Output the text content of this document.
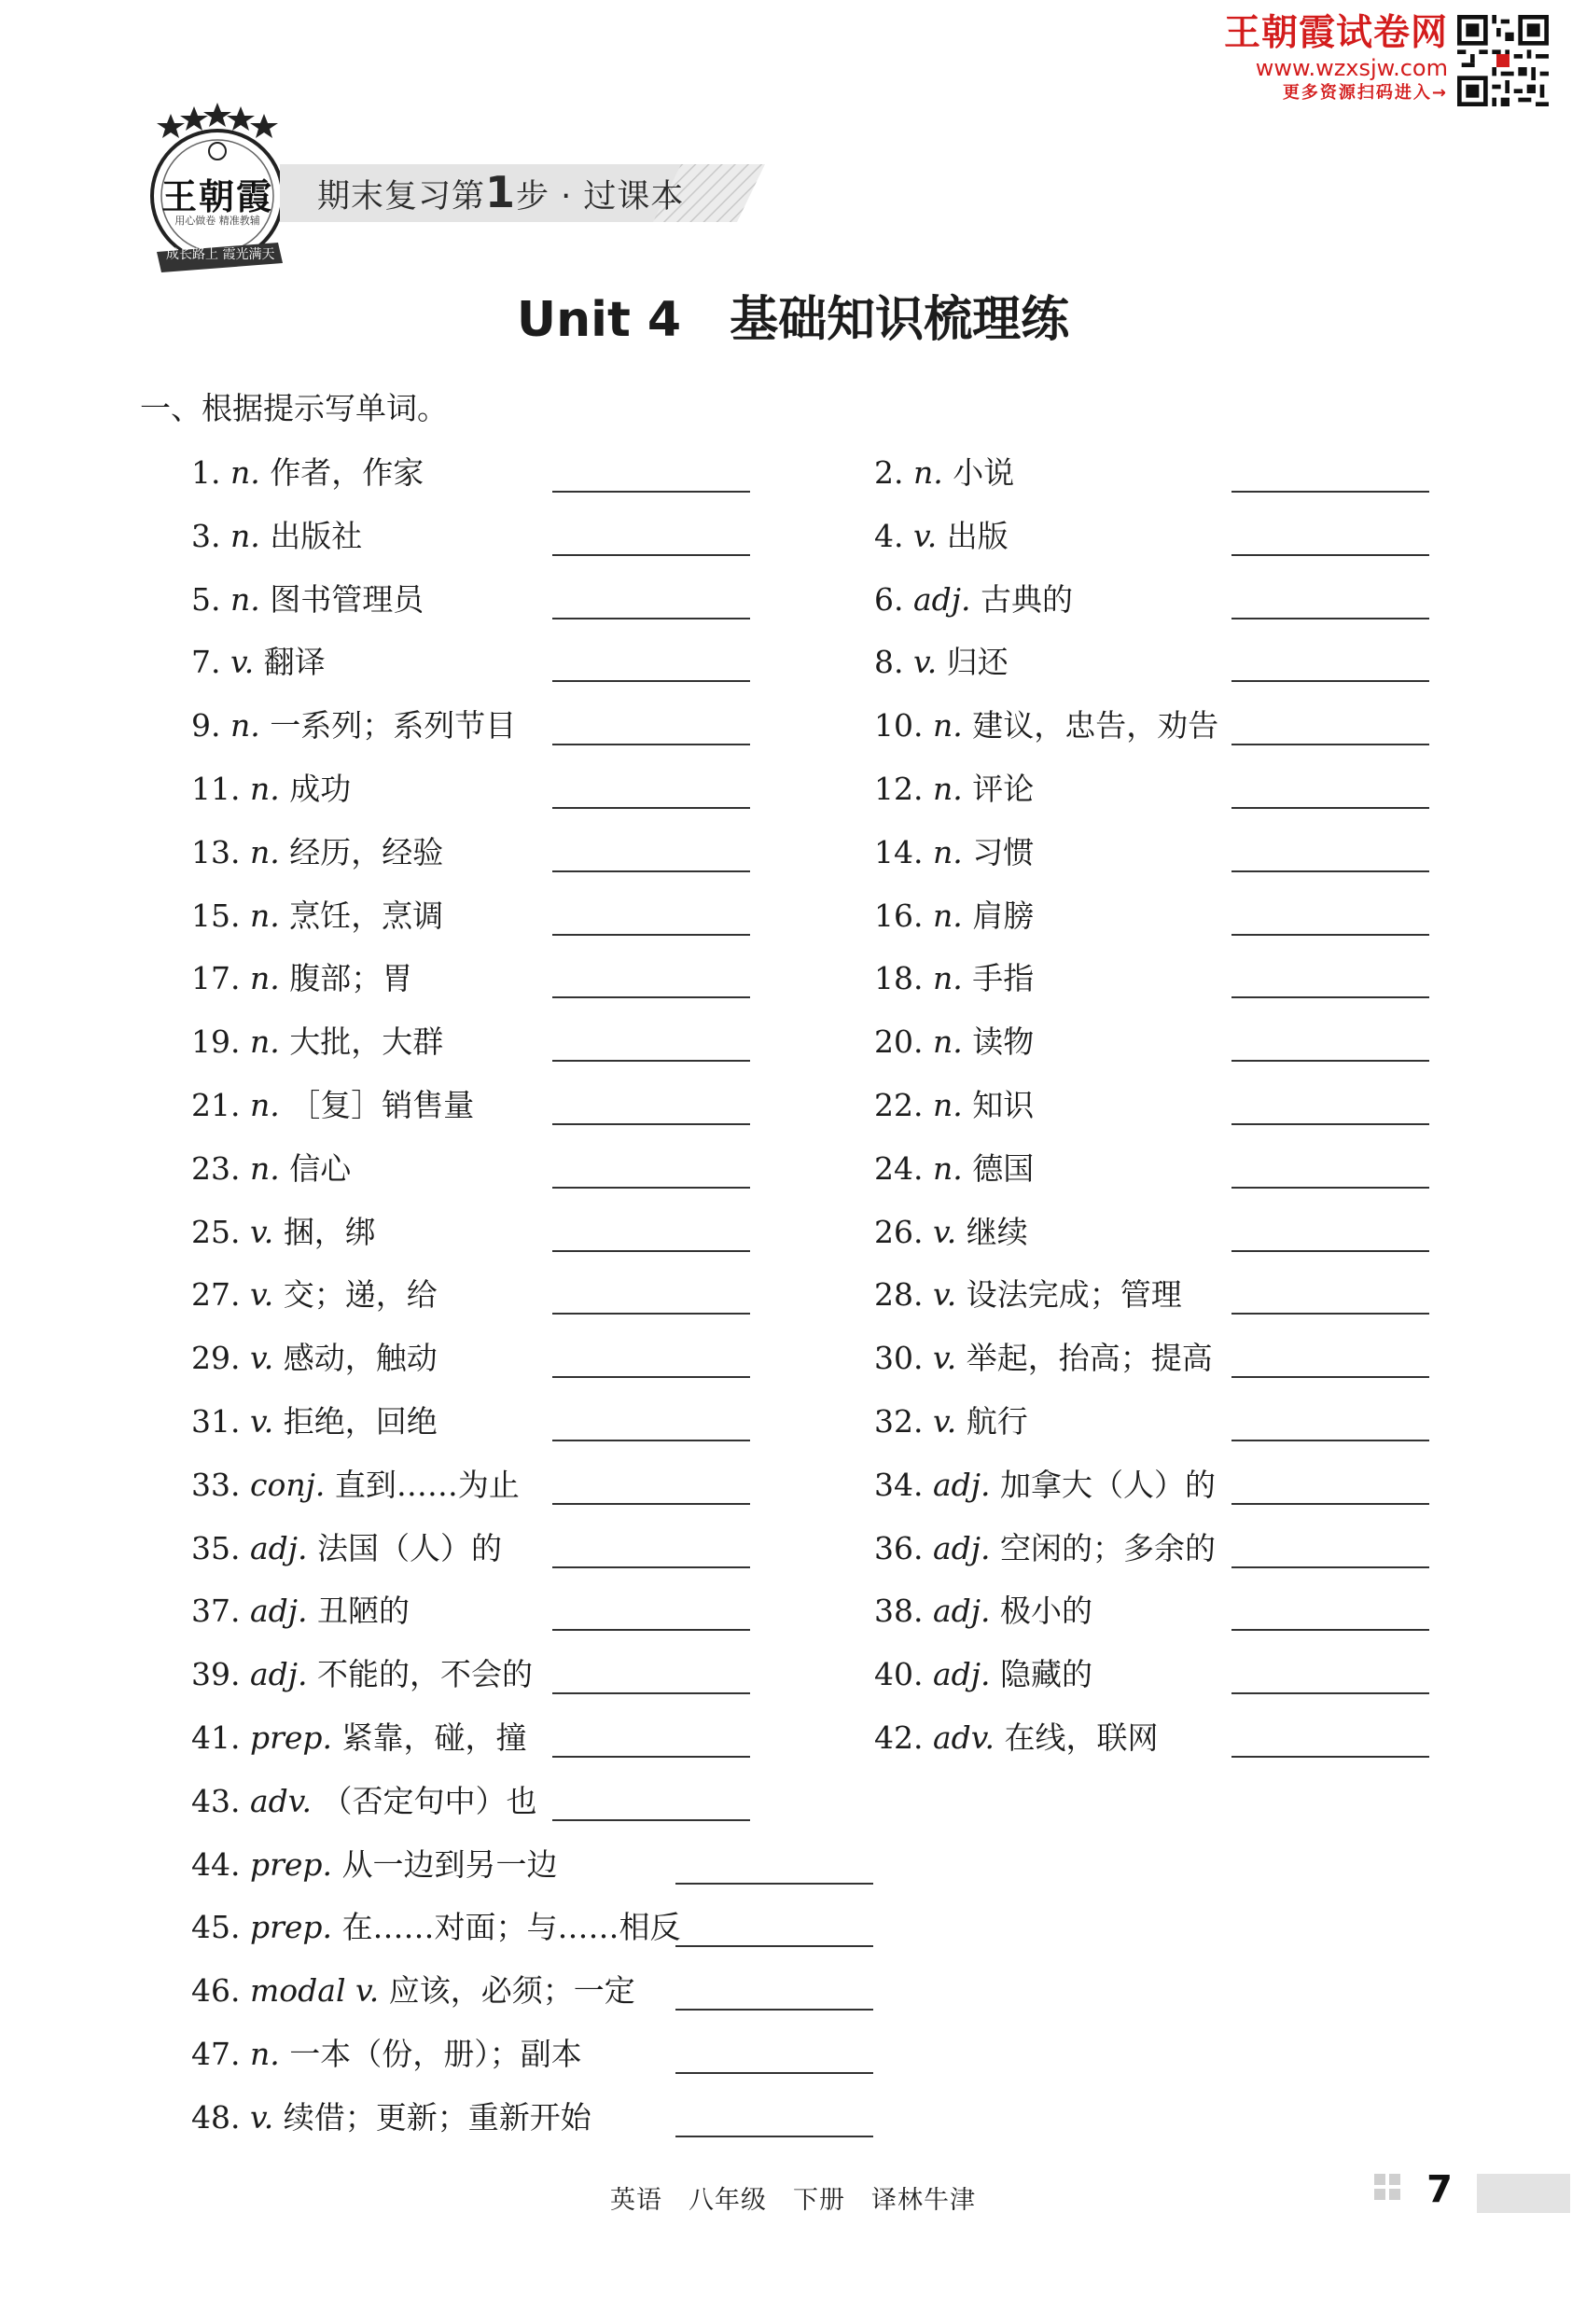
王朝霞试卷网
www.wzxsjw.com
更多资源扫码进入→
王朝霞
用心做卷 精准教辅
成长路上 霞光满天
期末复习第1步 · 过课本
Unit 4　基础知识梳理练
一、根据提示写单词。
1. n. 作者，作家	2. n. 小说
3. n. 出版社	4. v. 出版
5. n. 图书管理员	6. adj. 古典的
7. v. 翻译	8. v. 归还
9. n. 一系列；系列节目	10. n. 建议，忠告，劝告
11. n. 成功	12. n. 评论
13. n. 经历，经验	14. n. 习惯
15. n. 烹饪，烹调	16. n. 肩膀
17. n. 腹部；胃	18. n. 手指
19. n. 大批，大群	20. n. 读物
21. n. ［复］销售量	22. n. 知识
23. n. 信心	24. n. 德国
25. v. 捆，绑	26. v. 继续
27. v. 交；递，给	28. v. 设法完成；管理
29. v. 感动，触动	30. v. 举起，抬高；提高
31. v. 拒绝，回绝	32. v. 航行
33. conj. 直到……为止	34. adj. 加拿大（人）的
35. adj. 法国（人）的	36. adj. 空闲的；多余的
37. adj. 丑陋的	38. adj. 极小的
39. adj. 不能的，不会的	40. adj. 隐藏的
41. prep. 紧靠，碰，撞	42. adv. 在线，联网
43. adv. （否定句中）也
44. prep. 从一边到另一边
45. prep. 在……对面；与……相反
46. modal v. 应该，必须；一定
47. n. 一本（份，册）；副本
48. v. 续借；更新；重新开始
英语　八年级　下册　译林牛津	7
